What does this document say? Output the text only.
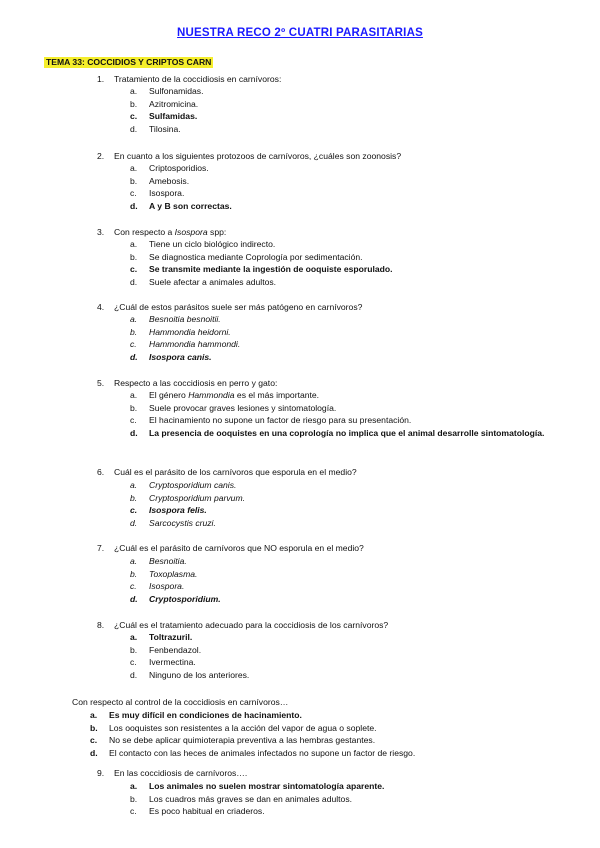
NUESTRA RECO 2º CUATRI PARASITARIAS
TEMA 33: COCCIDIOS Y CRIPTOS CARN
1. Tratamiento de la coccidiosis en carnívoros:
a.	Sulfonamidas.
b.	Azitromicina.
c.	Sulfamidas.
d.	Tilosina.
2. En cuanto a los siguientes protozoos de carnívoros, ¿cuáles son zoonosis?
a.	Criptosporidios.
b.	Amebosis.
c.	Isospora.
d.	A y B son correctas.
3. Con respecto a Isospora spp:
a.	Tiene un ciclo biológico indirecto.
b.	Se diagnostica mediante Coprología por sedimentación.
c.	Se transmite mediante la ingestión de ooquiste esporulado.
d.	Suele afectar a animales adultos.
4. ¿Cuál de estos parásitos suele ser más patógeno en carnívoros?
a.	Besnoitia besnoitii.
b.	Hammondia heidorni.
c.	Hammondia hammondi.
d.	Isospora canis.
5. Respecto a las coccidiosis en perro y gato:
a.	El género Hammondia es el más importante.
b.	Suele provocar graves lesiones y sintomatología.
c.	El hacinamiento no supone un factor de riesgo para su presentación.
d.	La presencia de ooquistes en una coprología no implica que el animal desarrolle sintomatología.
6. Cuál es el parásito de los carnívoros que esporula en el medio?
a.	Cryptosporidium canis.
b.	Cryptosporidium parvum.
c.	Isospora felis.
d.	Sarcocystis cruzi.
7. ¿Cuál es el parásito de carnívoros que NO esporula en el medio?
a.	Besnoitia.
b.	Toxoplasma.
c.	Isospora.
d.	Cryptosporidium.
8. ¿Cuál es el tratamiento adecuado para la coccidiosis de los carnívoros?
a.	Toltrazuril.
b.	Fenbendazol.
c.	Ivermectina.
d.	Ninguno de los anteriores.
Con respecto al control de la coccidiosis en carnívoros…
a.	Es muy difícil en condiciones de hacinamiento.
b.	Los ooquistes son resistentes a la acción del vapor de agua o soplete.
c.	No se debe aplicar quimioterapia preventiva a las hembras gestantes.
d.	El contacto con las heces de animales infectados no supone un factor de riesgo.
9. En las coccidiosis de carnívoros….
a.	Los animales no suelen mostrar sintomatología aparente.
b.	Los cuadros más graves se dan en animales adultos.
c.	Es poco habitual en criaderos.
